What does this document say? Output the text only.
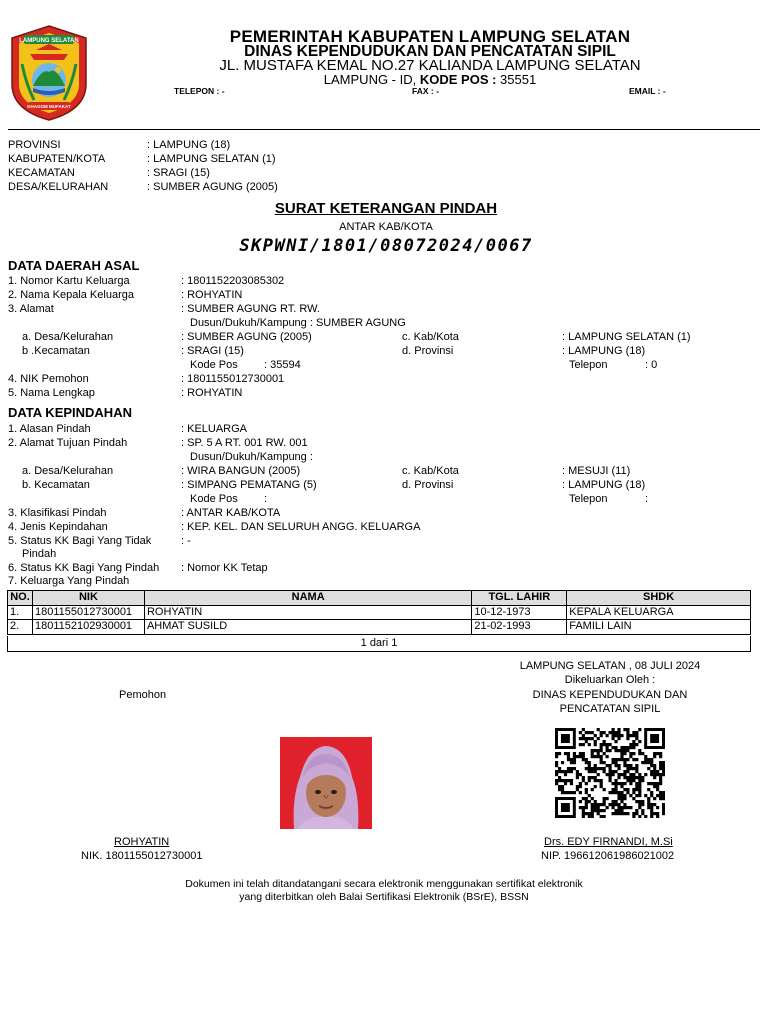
LAMPUNG SELATAN
KHAGOM MUFAKAT
PEMERINTAH KABUPATEN LAMPUNG SELATAN
DINAS KEPENDUDUKAN DAN PENCATATAN SIPIL
JL. MUSTAFA KEMAL NO.27 KALIANDA LAMPUNG SELATAN
LAMPUNG - ID, KODE POS : 35551
TELEPON : -	FAX : -	EMAIL : -
PROVINSI	: LAMPUNG (18)
KABUPATEN/KOTA	: LAMPUNG SELATAN (1)
KECAMATAN	: SRAGI (15)
DESA/KELURAHAN	: SUMBER AGUNG (2005)
SURAT KETERANGAN PINDAH
ANTAR KAB/KOTA
SKPWNI/1801/08072024/0067
DATA DAERAH ASAL
1. Nomor Kartu Keluarga	: 1801152203085302
2. Nama Kepala Keluarga	: ROHYATIN
3. Alamat	: SUMBER AGUNG RT. RW.
Dusun/Dukuh/Kampung : SUMBER AGUNG
a. Desa/Kelurahan	: SUMBER AGUNG (2005)	c. Kab/Kota	: LAMPUNG SELATAN (1)
b .Kecamatan	: SRAGI (15)	d. Provinsi	: LAMPUNG (18)
Kode Pos : 35594	Telepon	: 0
4. NIK Pemohon	: 1801155012730001
5. Nama Lengkap	: ROHYATIN
DATA KEPINDAHAN
1. Alasan Pindah	: KELUARGA
2. Alamat Tujuan Pindah	: SP. 5 A RT. 001 RW. 001
Dusun/Dukuh/Kampung :
a. Desa/Kelurahan	: WIRA BANGUN (2005)	c. Kab/Kota	: MESUJI (11)
b. Kecamatan	: SIMPANG PEMATANG (5)	d. Provinsi	: LAMPUNG (18)
Kode Pos :	Telepon	:
3. Klasifikasi Pindah	: ANTAR KAB/KOTA
4. Jenis Kepindahan	: KEP. KEL. DAN SELURUH ANGG. KELUARGA
5. Status KK Bagi Yang Tidak
Pindah
: -
6. Status KK Bagi Yang Pindah : Nomor KK Tetap
7. Keluarga Yang Pindah
NO.	NIK	NAMA	TGL. LAHIR	SHDK
1.	1801155012730001	ROHYATIN	10-12-1973	KEPALA KELUARGA
2.	1801152102930001	AHMAT SUSILD	21-02-1993	FAMILI LAIN
1 dari 1
LAMPUNG SELATAN , 08 JULI 2024
Dikeluarkan Oleh :
DINAS KEPENDUDUKAN DAN
PENCATATAN SIPIL
Pemohon
ROHYATIN
NIK. 1801155012730001
Drs. EDY FIRNANDI, M.Si
NIP. 196612061986021002
Dokumen ini telah ditandatangani secara elektronik menggunakan sertifikat elektronik
yang diterbitkan oleh Balai Sertifikasi Elektronik (BSrE), BSSN
